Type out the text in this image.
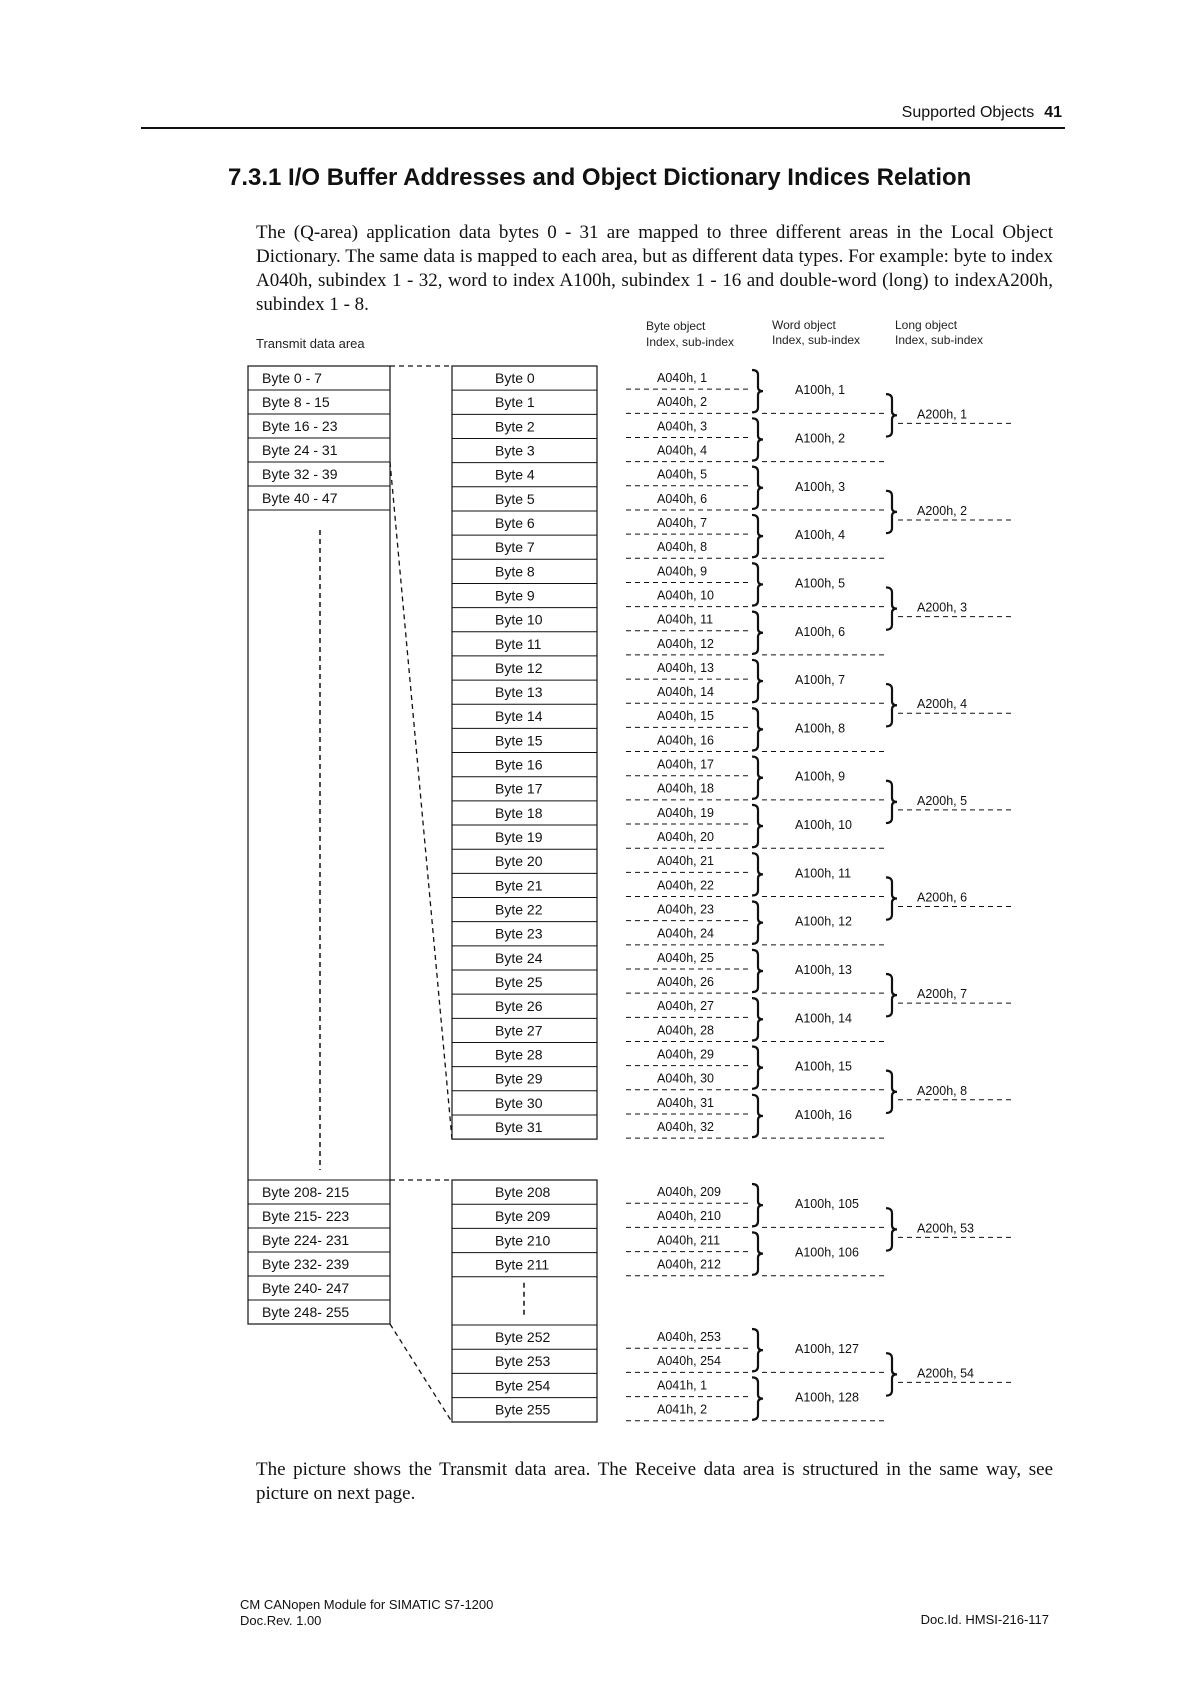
Supported Objects 41
7.3.1 I/O Buffer Addresses and Object Dictionary Indices Relation

The (Q-area) application data bytes 0 - 31 are mapped to three different areas in the Local Object Dictionary. The same data is mapped to each area, but as different data types. For example: byte to index A040h, subindex 1 - 32, word to index A100h, subindex 1 - 16 and double-word (long) to indexA200h, subindex 1 - 8.

Transmit data area
Byte object
Index, sub-index
Word object
Index, sub-index
Long object
Index, sub-index
Byte 0 - 7
Byte 8 - 15
Byte 16 - 23
Byte 24 - 31
Byte 32 - 39
Byte 40 - 47
Byte 208- 215
Byte 215- 223
Byte 224- 231
Byte 232- 239
Byte 240- 247
Byte 248- 255
Byte 0
Byte 1
Byte 2
Byte 3
Byte 4
Byte 5
Byte 6
Byte 7
Byte 8
Byte 9
Byte 10
Byte 11
Byte 12
Byte 13
Byte 14
Byte 15
Byte 16
Byte 17
Byte 18
Byte 19
Byte 20
Byte 21
Byte 22
Byte 23
Byte 24
Byte 25
Byte 26
Byte 27
Byte 28
Byte 29
Byte 30
Byte 31
Byte 208
Byte 209
Byte 210
Byte 211
Byte 252
Byte 253
Byte 254
Byte 255
A040h, 1
A040h, 2
A040h, 3
A040h, 4
A040h, 5
A040h, 6
A040h, 7
A040h, 8
A040h, 9
A040h, 10
A040h, 11
A040h, 12
A040h, 13
A040h, 14
A040h, 15
A040h, 16
A040h, 17
A040h, 18
A040h, 19
A040h, 20
A040h, 21
A040h, 22
A040h, 23
A040h, 24
A040h, 25
A040h, 26
A040h, 27
A040h, 28
A040h, 29
A040h, 30
A040h, 31
A040h, 32
A100h, 1
A100h, 2
A100h, 3
A100h, 4
A100h, 5
A100h, 6
A100h, 7
A100h, 8
A100h, 9
A100h, 10
A100h, 11
A100h, 12
A100h, 13
A100h, 14
A100h, 15
A100h, 16
A200h, 1
A200h, 2
A200h, 3
A200h, 4
A200h, 5
A200h, 6
A200h, 7
A200h, 8
A040h, 209
A040h, 210
A040h, 211
A040h, 212
A100h, 105
A100h, 106
A200h, 53
A040h, 253
A040h, 254
A041h, 1
A041h, 2
A100h, 127
A100h, 128
A200h, 54

The picture shows the Transmit data area. The Receive data area is structured in the same way, see picture on next page.

CM CANopen Module for SIMATIC S7-1200
Doc.Rev. 1.00	Doc.Id. HMSI-216-117
